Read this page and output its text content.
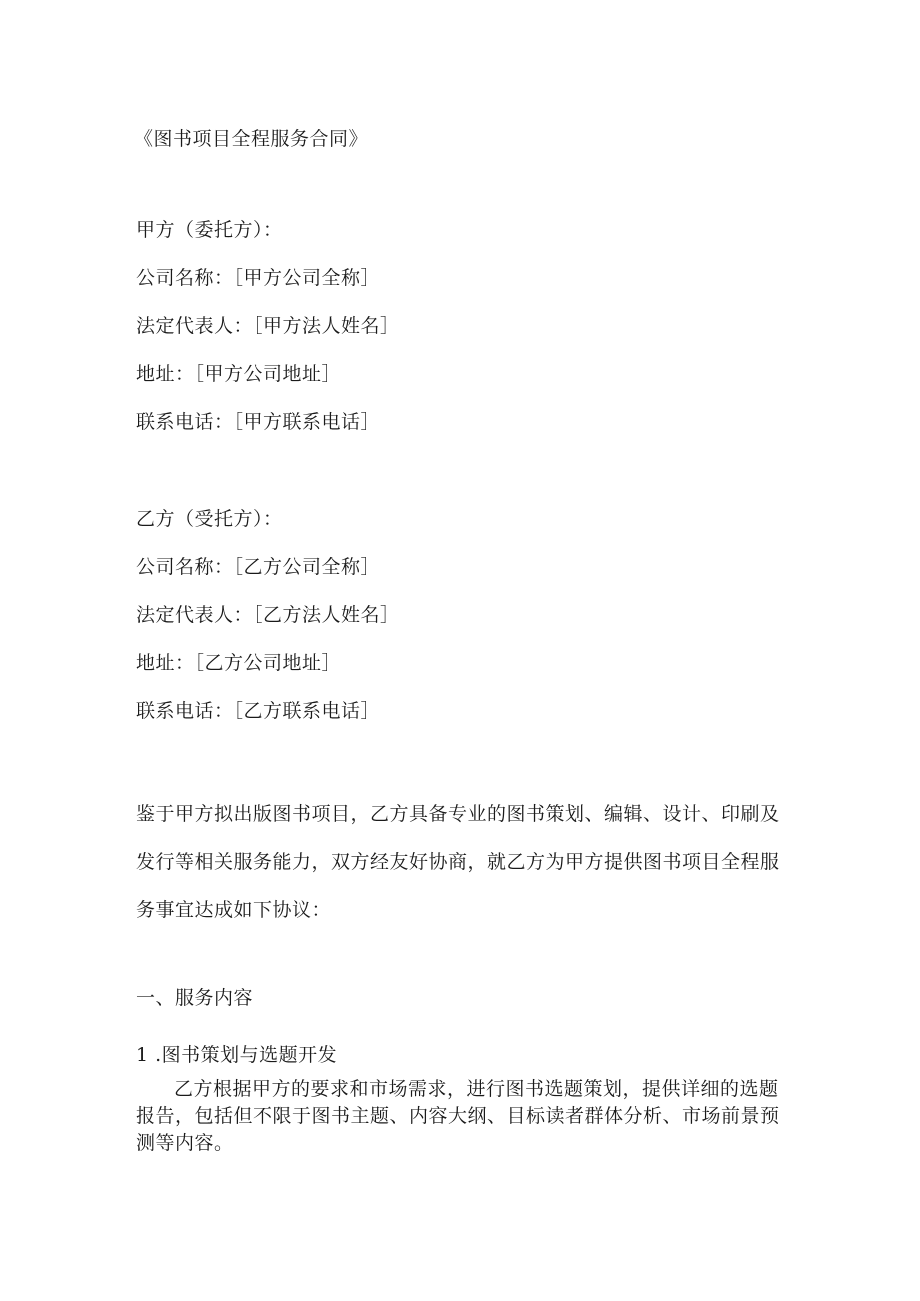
《图书项目全程服务合同》
甲方（委托方）：
公司名称：［甲方公司全称］
法定代表人：［甲方法人姓名］
地址：［甲方公司地址］
联系电话：［甲方联系电话］
乙方（受托方）：
公司名称：［乙方公司全称］
法定代表人：［乙方法人姓名］
地址：［乙方公司地址］
联系电话：［乙方联系电话］
鉴于甲方拟出版图书项目，乙方具备专业的图书策划、编辑、设计、印刷及发行等相关服务能力，双方经友好协商，就乙方为甲方提供图书项目全程服务事宜达成如下协议：
一、服务内容
1 .图书策划与选题开发
乙方根据甲方的要求和市场需求，进行图书选题策划，提供详细的选题报告，包括但不限于图书主题、内容大纲、目标读者群体分析、市场前景预测等内容。
